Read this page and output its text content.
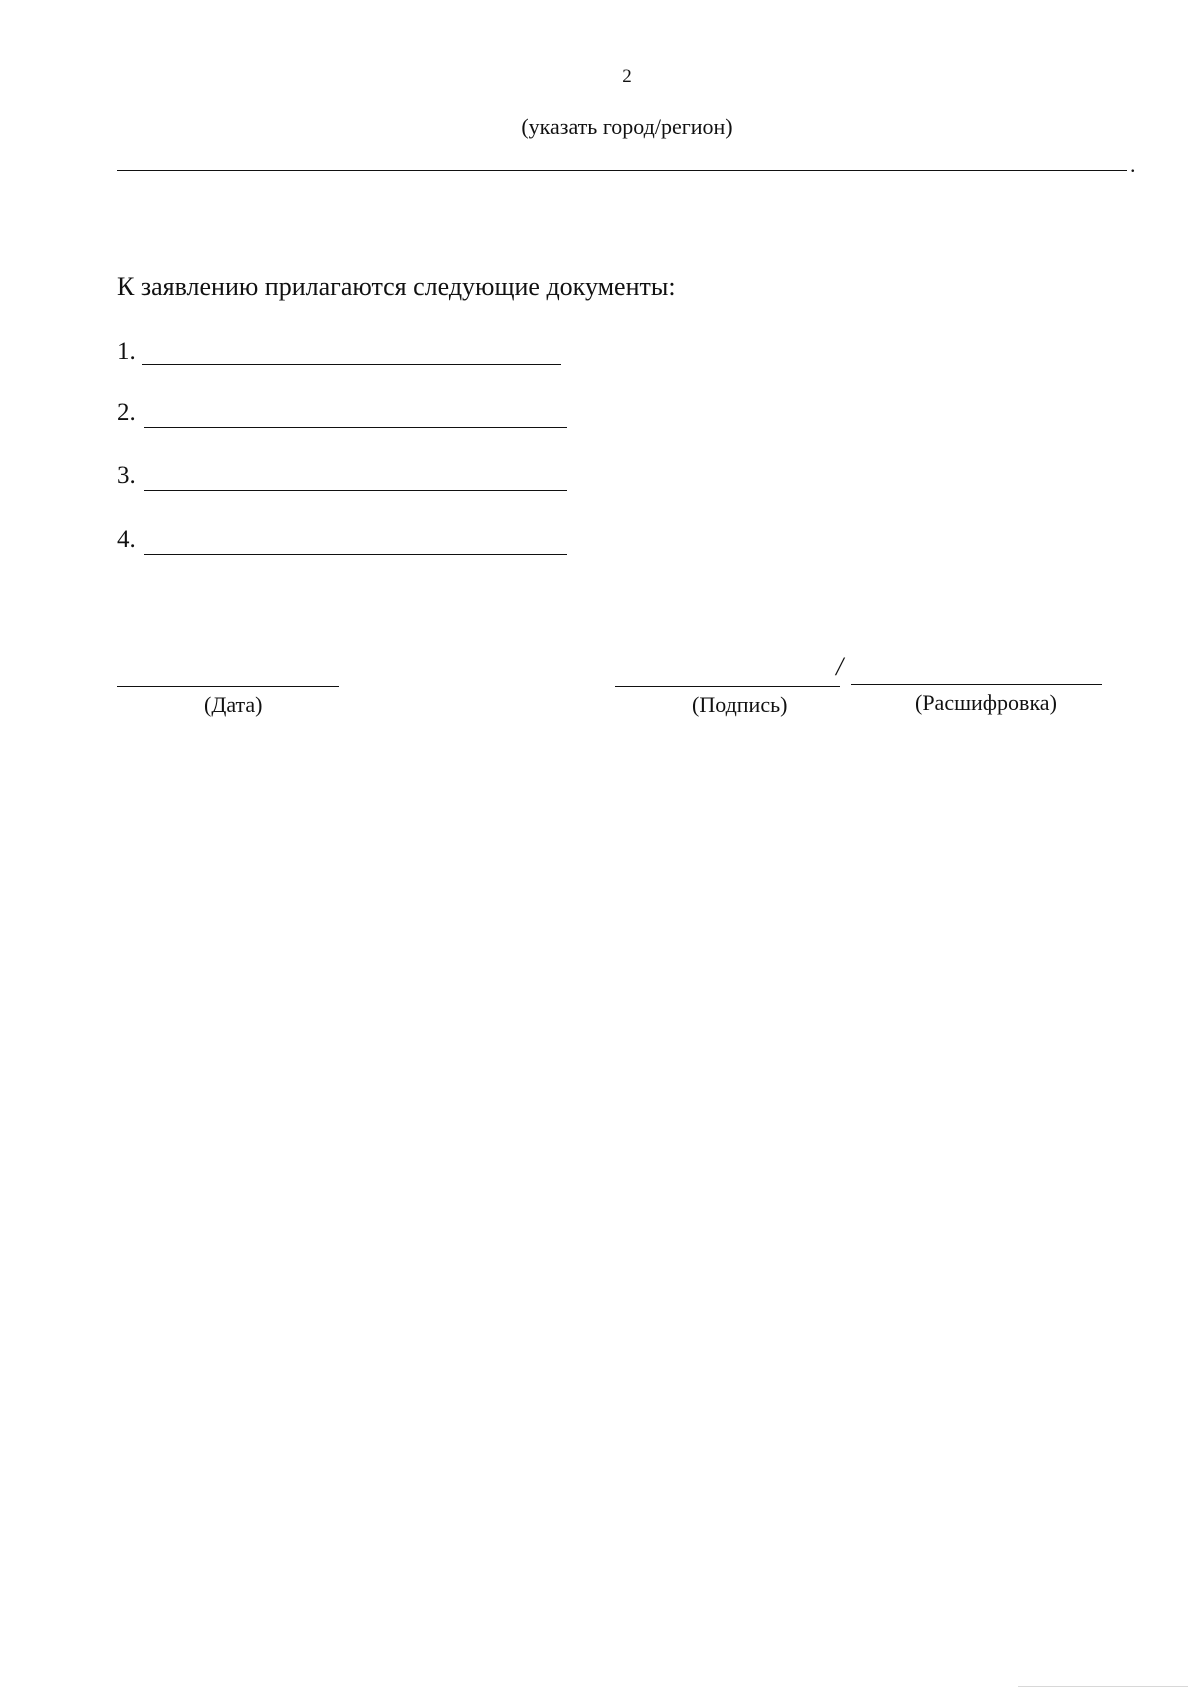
2
(указать город/регион)
.
К заявлению прилагаются следующие документы:
1.
2.
3.
4.
(Дата)
/
(Подпись)	(Расшифровка)
